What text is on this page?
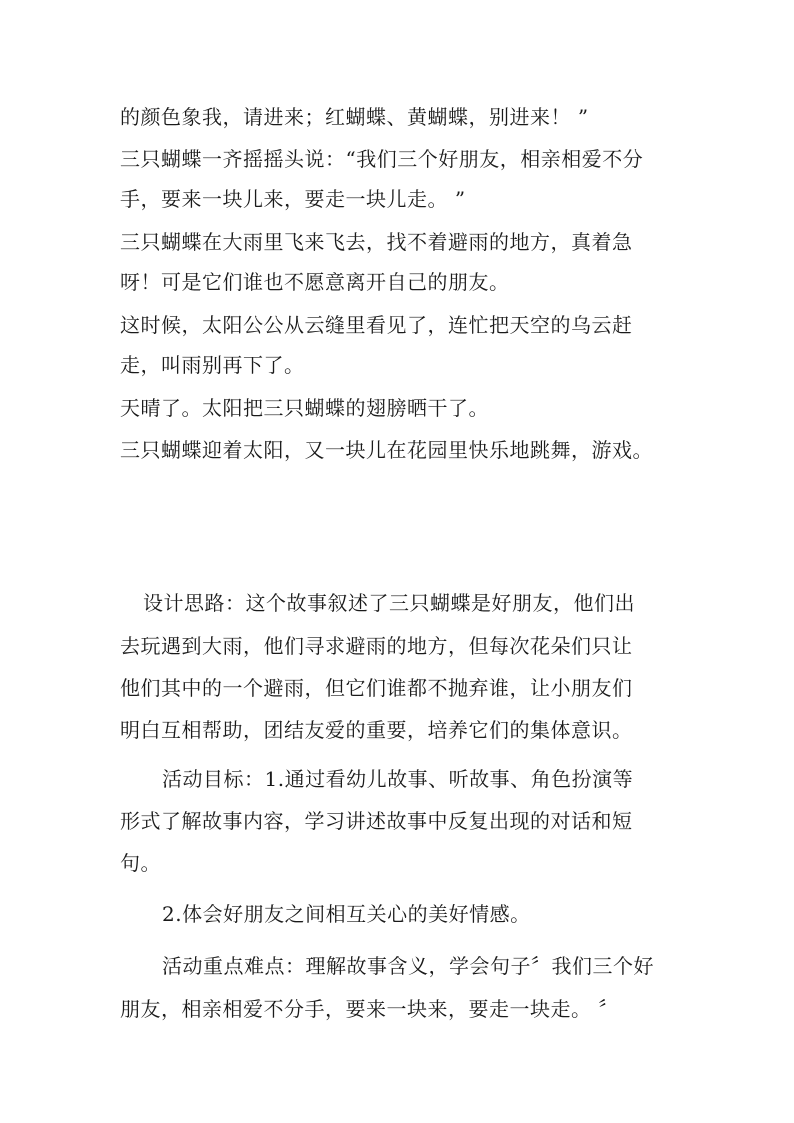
的颜色象我，请进来；红蝴蝶、黄蝴蝶，别进来！ ”
三只蝴蝶一齐摇摇头说：“我们三个好朋友，相亲相爱不分
手，要来一块儿来，要走一块儿走。 ”
三只蝴蝶在大雨里飞来飞去，找不着避雨的地方，真着急
呀！可是它们谁也不愿意离开自己的朋友。
这时候，太阳公公从云缝里看见了，连忙把天空的乌云赶
走，叫雨别再下了。
天晴了。太阳把三只蝴蝶的翅膀晒干了。
三只蝴蝶迎着太阳，又一块儿在花园里快乐地跳舞，游戏。
设计思路：这个故事叙述了三只蝴蝶是好朋友，他们出
去玩遇到大雨，他们寻求避雨的地方，但每次花朵们只让
他们其中的一个避雨，但它们谁都不抛弃谁，让小朋友们
明白互相帮助，团结友爱的重要，培养它们的集体意识。
活动目标：1.通过看幼儿故事、听故事、角色扮演等
形式了解故事内容，学习讲述故事中反复出现的对话和短
句。
2.体会好朋友之间相互关心的美好情感。
活动重点难点：理解故事含义，学会句子〞我们三个好
朋友，相亲相爱不分手，要来一块来，要走一块走。 〞
